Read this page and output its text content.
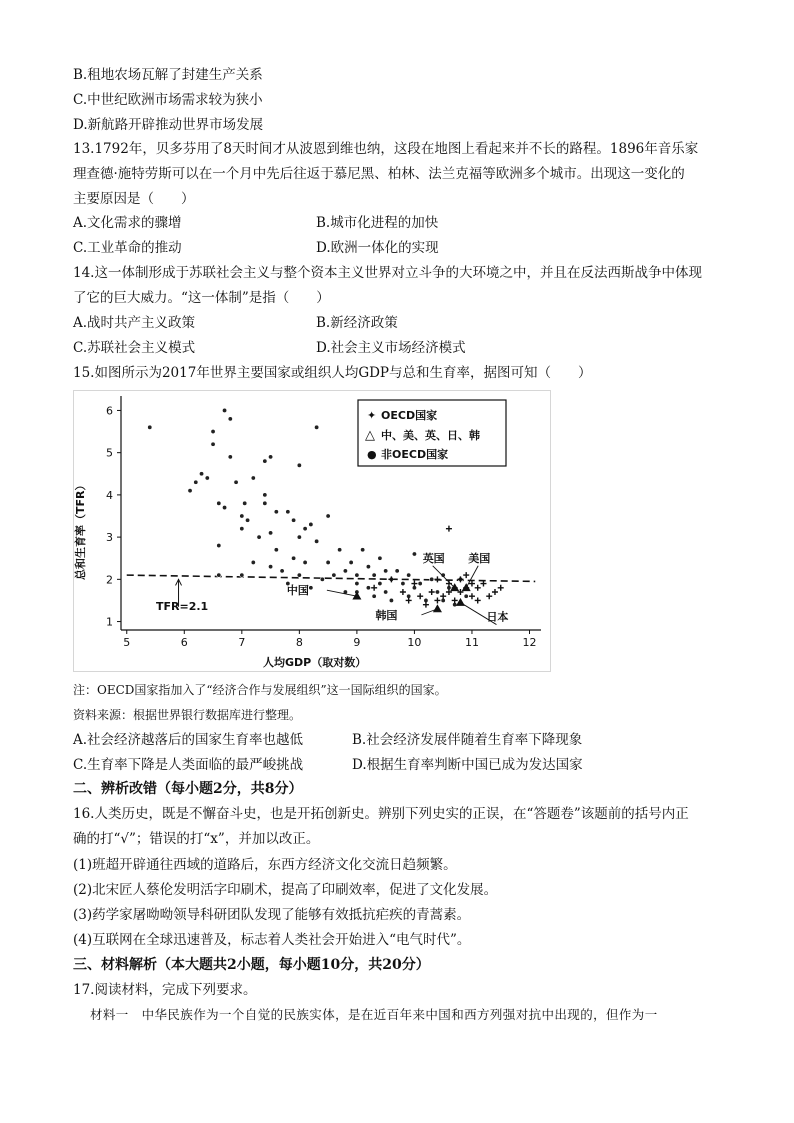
B.租地农场瓦解了封建生产关系
C.中世纪欧洲市场需求较为狭小
D.新航路开辟推动世界市场发展
13.1792年，贝多芬用了8天时间才从波恩到维也纳，这段在地图上看起来并不长的路程。1896年音乐家
理查德·施特劳斯可以在一个月中先后往返于慕尼黑、柏林、法兰克福等欧洲多个城市。出现这一变化的
主要原因是（　　）
A.文化需求的骤增	B.城市化进程的加快
C.工业革命的推动	D.欧洲一体化的实现
14.这一体制形成于苏联社会主义与整个资本主义世界对立斗争的大环境之中，并且在反法西斯战争中体现
了它的巨大威力。“这一体制”是指（　　）
A.战时共产主义政策	B.新经济政策
C.苏联社会主义模式	D.社会主义市场经济模式
15.如图所示为2017年世界主要国家或组织人均GDP与总和生育率，据图可知（　　）
5	6	7	8	9	10	11	12
1
2
3
4
5
6
中国
英国 美国
日本
韩国
✦ OECD国家
△ 中、美、英、日、韩
● 非OECD国家
人均GDP（取对数）
总和生育率（TFR）
TFR=2.1
注：OECD国家指加入了“经济合作与发展组织”这一国际组织的国家。
资料来源：根据世界银行数据库进行整理。
A.社会经济越落后的国家生育率也越低	B.社会经济发展伴随着生育率下降现象
C.生育率下降是人类面临的最严峻挑战	D.根据生育率判断中国已成为发达国家
二、辨析改错（每小题2分，共8分）
16.人类历史，既是不懈奋斗史，也是开拓创新史。辨别下列史实的正误，在“答题卷”该题前的括号内正
确的打“√”；错误的打“x”，并加以改正。
(1)班超开辟通往西域的道路后，东西方经济文化交流日趋频繁。
(2)北宋匠人蔡伦发明活字印刷术，提高了印刷效率，促进了文化发展。
(3)药学家屠呦呦领导科研团队发现了能够有效抵抗疟疾的青蒿素。
(4)互联网在全球迅速普及，标志着人类社会开始进入“电气时代”。
三、材料解析（本大题共2小题，每小题10分，共20分）
17.阅读材料，完成下列要求。
材料一　中华民族作为一个自觉的民族实体，是在近百年来中国和西方列强对抗中出现的，但作为一
